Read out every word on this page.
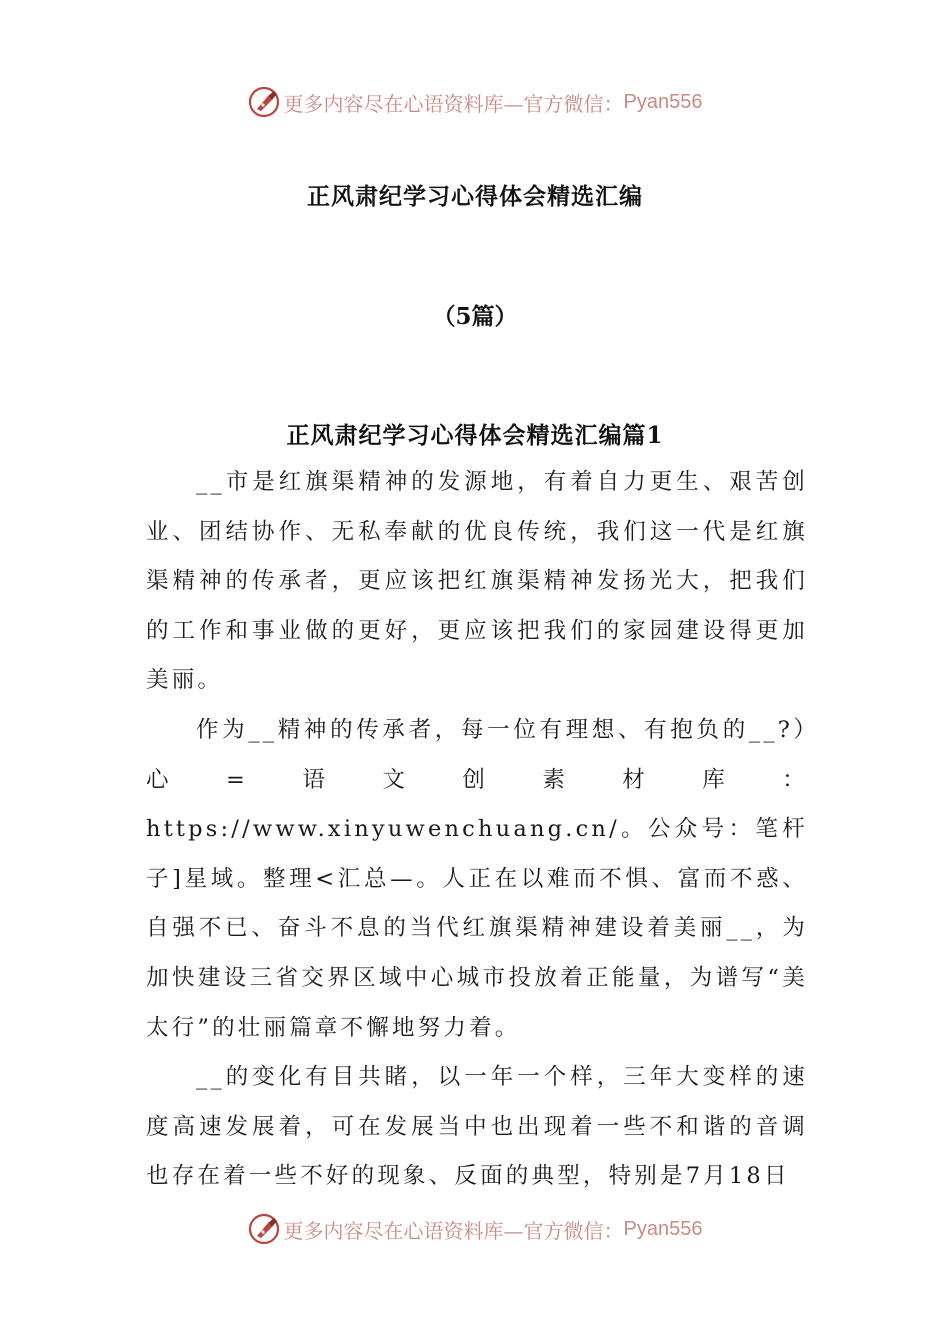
更多内容尽在心语资料库—官方微信： Pyan556
正风肃纪学习心得体会精选汇编
（5篇）
正风肃纪学习心得体会精选汇编篇1

__市是红旗渠精神的发源地，有着自力更生、艰苦创业、团结协作、无私奉献的优良传统，我们这一代是红旗渠精神的传承者，更应该把红旗渠精神发扬光大，把我们的工作和事业做的更好，更应该把我们的家园建设得更加美丽。

作为__精神的传承者，每一位有理想、有抱负的__?）心=语文创素材库：https://www.xinyuwenchuang.cn/。公众号：笔杆子]星域。整理<汇总—。人正在以难而不惧、富而不惑、自强不已、奋斗不息的当代红旗渠精神建设着美丽__，为加快建设三省交界区域中心城市投放着正能量，为谱写“美太行”的壮丽篇章不懈地努力着。

__的变化有目共睹，以一年一个样，三年大变样的速度高速发展着，可在发展当中也出现着一些不和谐的音调也存在着一些不好的现象、反面的典型，特别是7月18日

更多内容尽在心语资料库—官方微信： Pyan556
